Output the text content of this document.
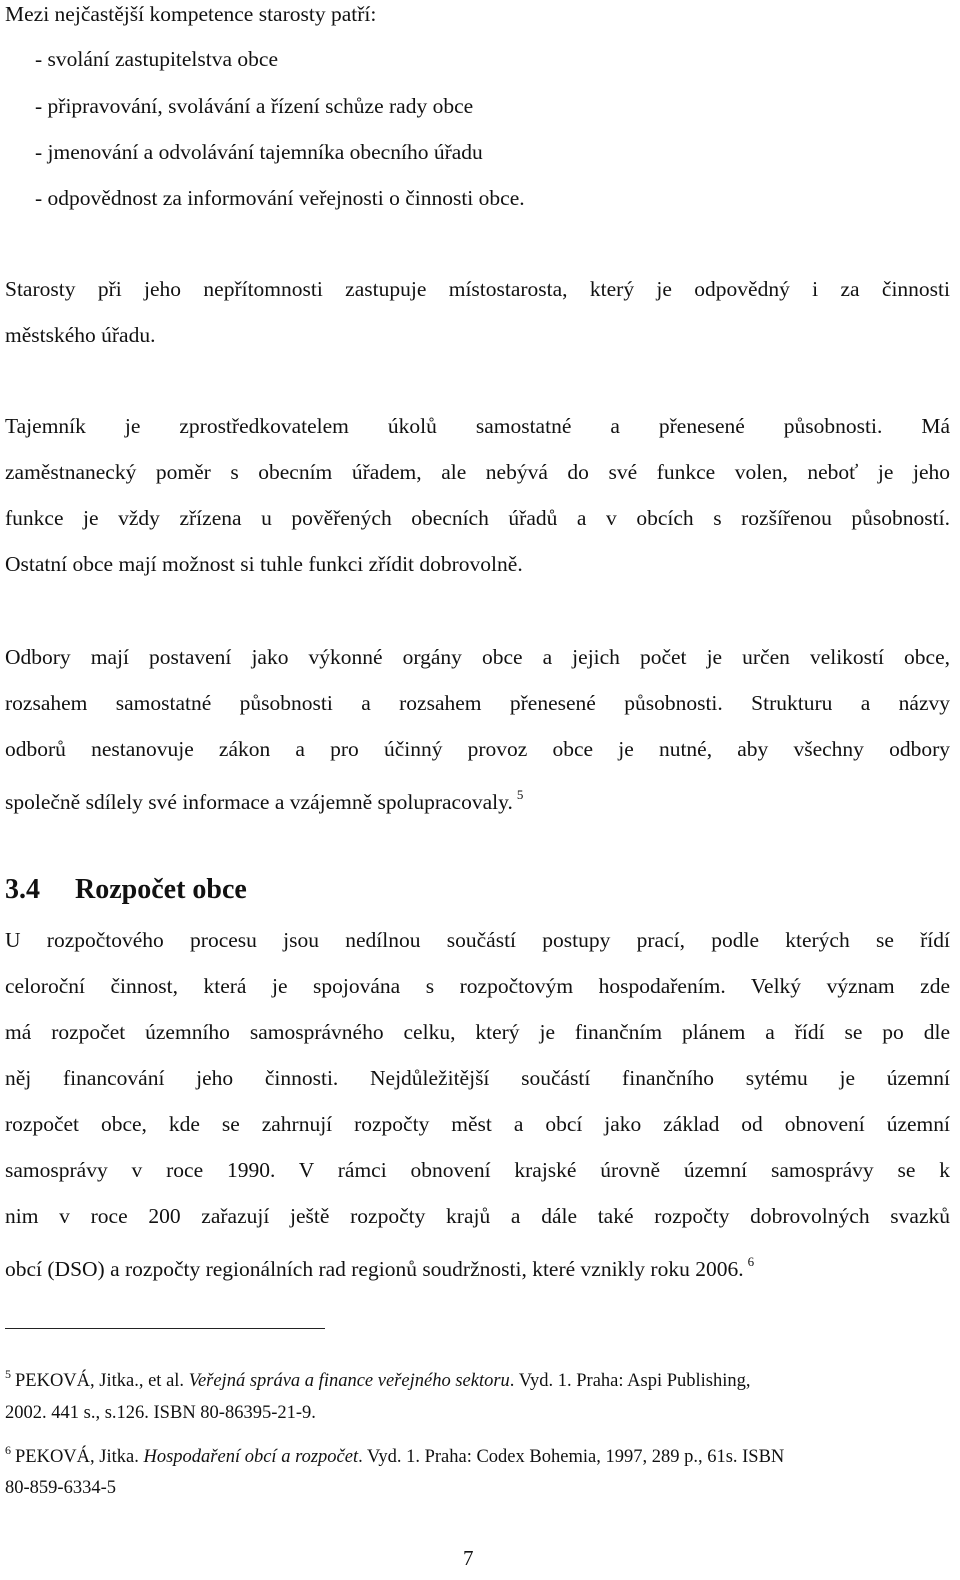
Mezi nejčastější kompetence starosty patří:
- svolání zastupitelstva obce
- připravování, svolávání a řízení schůze rady obce
- jmenování a odvolávání tajemníka obecního úřadu
- odpovědnost za informování veřejnosti o činnosti obce.
Starosty při jeho nepřítomnosti zastupuje místostarosta, který je odpovědný i za činnosti
městského úřadu.
Tajemník je zprostředkovatelem úkolů samostatné a přenesené působnosti. Má
zaměstnanecký poměr s obecním úřadem, ale nebývá do své funkce volen, neboť je jeho
funkce je vždy zřízena u pověřených obecních úřadů a v obcích s rozšířenou působností.
Ostatní obce mají možnost si tuhle funkci zřídit dobrovolně.
Odbory mají postavení jako výkonné orgány obce a jejich počet je určen velikostí obce,
rozsahem samostatné působnosti a rozsahem přenesené působnosti. Strukturu a názvy
odborů nestanovuje zákon a pro účinný provoz obce je nutné, aby všechny odbory
společně sdílely své informace a vzájemně spolupracovaly. $^5$
3.4 Rozpočet obce
U rozpočtového procesu jsou nedílnou součástí postupy prací, podle kterých se řídí
celoroční činnost, která je spojována s rozpočtovým hospodařením. Velký význam zde
má rozpočet územního samosprávného celku, který je finančním plánem a řídí se po dle
něj financování jeho činnosti. Nejdůležitější součástí finančního sytému je územní
rozpočet obce, kde se zahrnují rozpočty měst a obcí jako základ od obnovení územní
samosprávy v roce 1990. V rámci obnovení krajské úrovně územní samosprávy se k
nim v roce 200 zařazují ještě rozpočty krajů a dále také rozpočty dobrovolných svazků
obcí (DSO) a rozpočty regionálních rad regionů soudržnosti, které vznikly roku 2006. $^6$
$^5$ PEKOVÁ, Jitka., et al. Veřejná správa a finance veřejného sektoru. Vyd. 1. Praha: Aspi Publishing,
2002. 441 s., s.126. ISBN 80-86395-21-9.
$^6$ PEKOVÁ, Jitka. Hospodaření obcí a rozpočet. Vyd. 1. Praha: Codex Bohemia, 1997, 289 p., 61s. ISBN
80-859-6334-5
7
